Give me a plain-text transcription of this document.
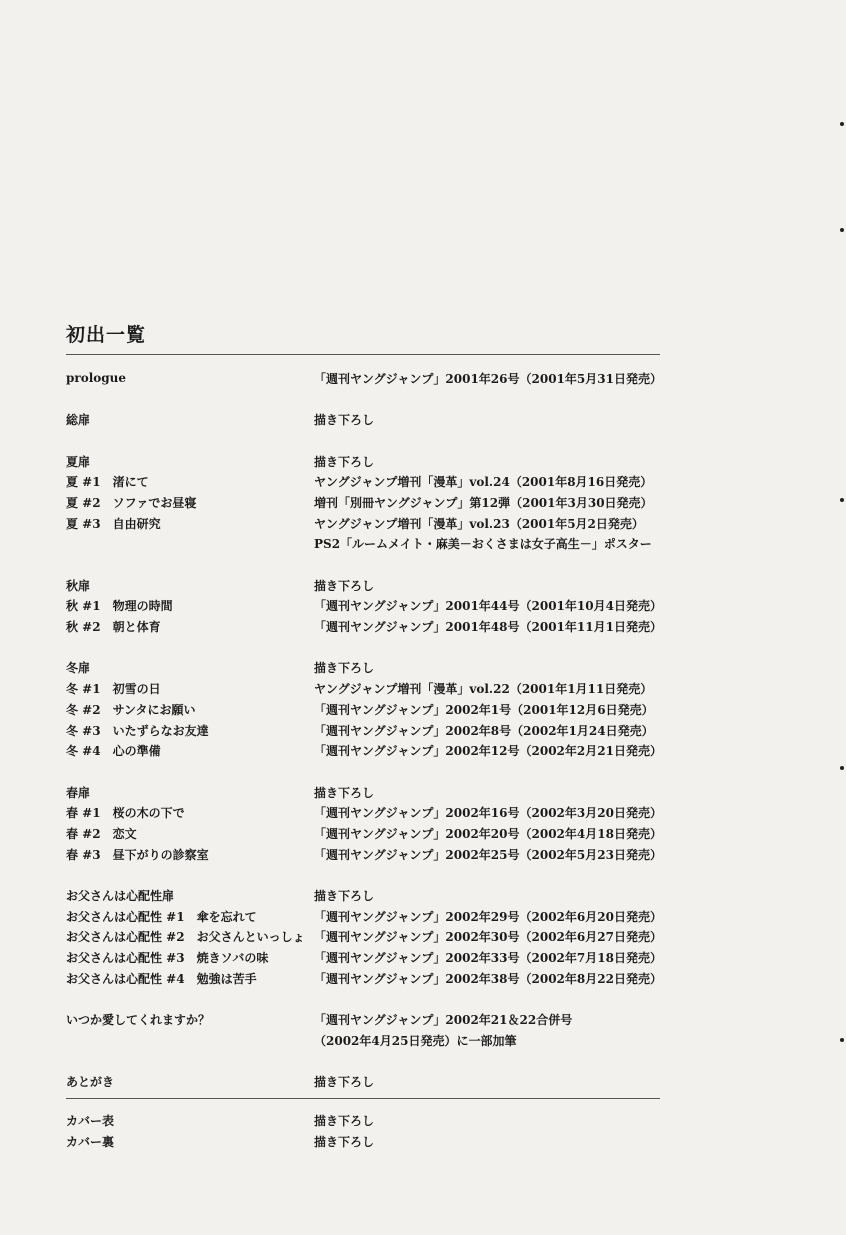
初出一覧
prologue	「週刊ヤングジャンプ」2001年26号（2001年5月31日発売）
総扉	描き下ろし
夏扉	描き下ろし
夏 #1　渚にて	ヤングジャンプ増刊「漫革」vol.24（2001年8月16日発売）
夏 #2　ソファでお昼寝	増刊「別冊ヤングジャンプ」第12弾（2001年3月30日発売）
夏 #3　自由研究	ヤングジャンプ増刊「漫革」vol.23（2001年5月2日発売）
PS2「ルームメイト・麻美－おくさまは女子高生－」ポスター
秋扉	描き下ろし
秋 #1　物理の時間	「週刊ヤングジャンプ」2001年44号（2001年10月4日発売）
秋 #2　朝と体育	「週刊ヤングジャンプ」2001年48号（2001年11月1日発売）
冬扉	描き下ろし
冬 #1　初雪の日	ヤングジャンプ増刊「漫革」vol.22（2001年1月11日発売）
冬 #2　サンタにお願い	「週刊ヤングジャンプ」2002年1号（2001年12月6日発売）
冬 #3　いたずらなお友達	「週刊ヤングジャンプ」2002年8号（2002年1月24日発売）
冬 #4　心の準備	「週刊ヤングジャンプ」2002年12号（2002年2月21日発売）
春扉	描き下ろし
春 #1　桜の木の下で	「週刊ヤングジャンプ」2002年16号（2002年3月20日発売）
春 #2　恋文	「週刊ヤングジャンプ」2002年20号（2002年4月18日発売）
春 #3　昼下がりの診察室	「週刊ヤングジャンプ」2002年25号（2002年5月23日発売）
お父さんは心配性扉	描き下ろし
お父さんは心配性 #1　傘を忘れて	「週刊ヤングジャンプ」2002年29号（2002年6月20日発売）
お父さんは心配性 #2　お父さんといっしょ 「週刊ヤングジャンプ」2002年30号（2002年6月27日発売）
お父さんは心配性 #3　焼きソバの味	「週刊ヤングジャンプ」2002年33号（2002年7月18日発売）
お父さんは心配性 #4　勉強は苦手	「週刊ヤングジャンプ」2002年38号（2002年8月22日発売）
いつか愛してくれますか？	「週刊ヤングジャンプ」2002年21＆22合併号
（2002年4月25日発売）に一部加筆
あとがき	描き下ろし
カバー表	描き下ろし
カバー裏	描き下ろし
